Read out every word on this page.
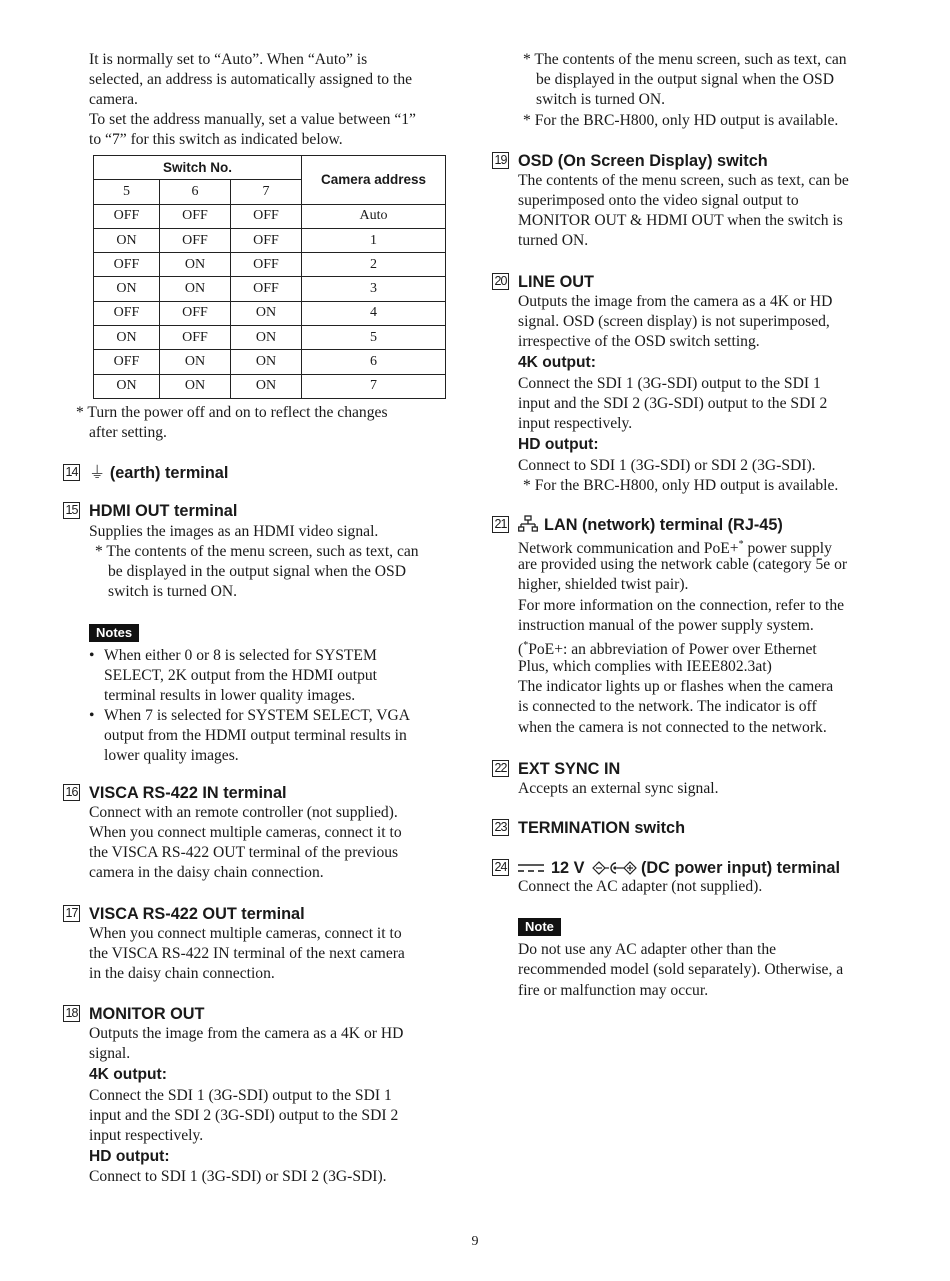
It is normally set to “Auto”. When “Auto” is
selected, an address is automatically assigned to the
camera.
To set the address manually, set a value between “1”
to “7” for this switch as indicated below.
Switch No.			Camera address
5	6	7	
OFF	OFF	OFF	Auto
ON	OFF	OFF	1
OFF	ON	OFF	2
ON	ON	OFF	3
OFF	OFF	ON	4
ON	OFF	ON	5
OFF	ON	ON	6
ON	ON	ON	7
* Turn the power off and on to reflect the changes
after setting.
14 ⏚ (earth) terminal
15 HDMI OUT terminal
Supplies the images as an HDMI video signal.
* The contents of the menu screen, such as text, can
be displayed in the output signal when the OSD
switch is turned ON.
Notes
• When either 0 or 8 is selected for SYSTEM
SELECT, 2K output from the HDMI output
terminal results in lower quality images.
• When 7 is selected for SYSTEM SELECT, VGA
output from the HDMI output terminal results in
lower quality images.
16 VISCA RS-422 IN terminal
Connect with an remote controller (not supplied).
When you connect multiple cameras, connect it to
the VISCA RS-422 OUT terminal of the previous
camera in the daisy chain connection.
17 VISCA RS-422 OUT terminal
When you connect multiple cameras, connect it to
the VISCA RS-422 IN terminal of the next camera
in the daisy chain connection.
18 MONITOR OUT
Outputs the image from the camera as a 4K or HD
signal.
4K output:
Connect the SDI 1 (3G-SDI) output to the SDI 1
input and the SDI 2 (3G-SDI) output to the SDI 2
input respectively.
HD output:
Connect to SDI 1 (3G-SDI) or SDI 2 (3G-SDI).
* The contents of the menu screen, such as text, can
be displayed in the output signal when the OSD
switch is turned ON.
* For the BRC-H800, only HD output is available.
19 OSD (On Screen Display) switch
The contents of the menu screen, such as text, can be
superimposed onto the video signal output to
MONITOR OUT & HDMI OUT when the switch is
turned ON.
20 LINE OUT
Outputs the image from the camera as a 4K or HD
signal. OSD (screen display) is not superimposed,
irrespective of the OSD switch setting.
4K output:
Connect the SDI 1 (3G-SDI) output to the SDI 1
input and the SDI 2 (3G-SDI) output to the SDI 2
input respectively.
HD output:
Connect to SDI 1 (3G-SDI) or SDI 2 (3G-SDI).
* For the BRC-H800, only HD output is available.
21 LAN (network) terminal (RJ-45)
Network communication and PoE+* power supply
are provided using the network cable (category 5e or
higher, shielded twist pair).
For more information on the connection, refer to the
instruction manual of the power supply system.
(*PoE+: an abbreviation of Power over Ethernet
Plus, which complies with IEEE802.3at)
The indicator lights up or flashes when the camera
is connected to the network. The indicator is off
when the camera is not connected to the network.
22 EXT SYNC IN
Accepts an external sync signal.
23 TERMINATION switch
24	12 V	(DC power input) terminal
Connect the AC adapter (not supplied).
Note
Do not use any AC adapter other than the
recommended model (sold separately). Otherwise, a
fire or malfunction may occur.
9
